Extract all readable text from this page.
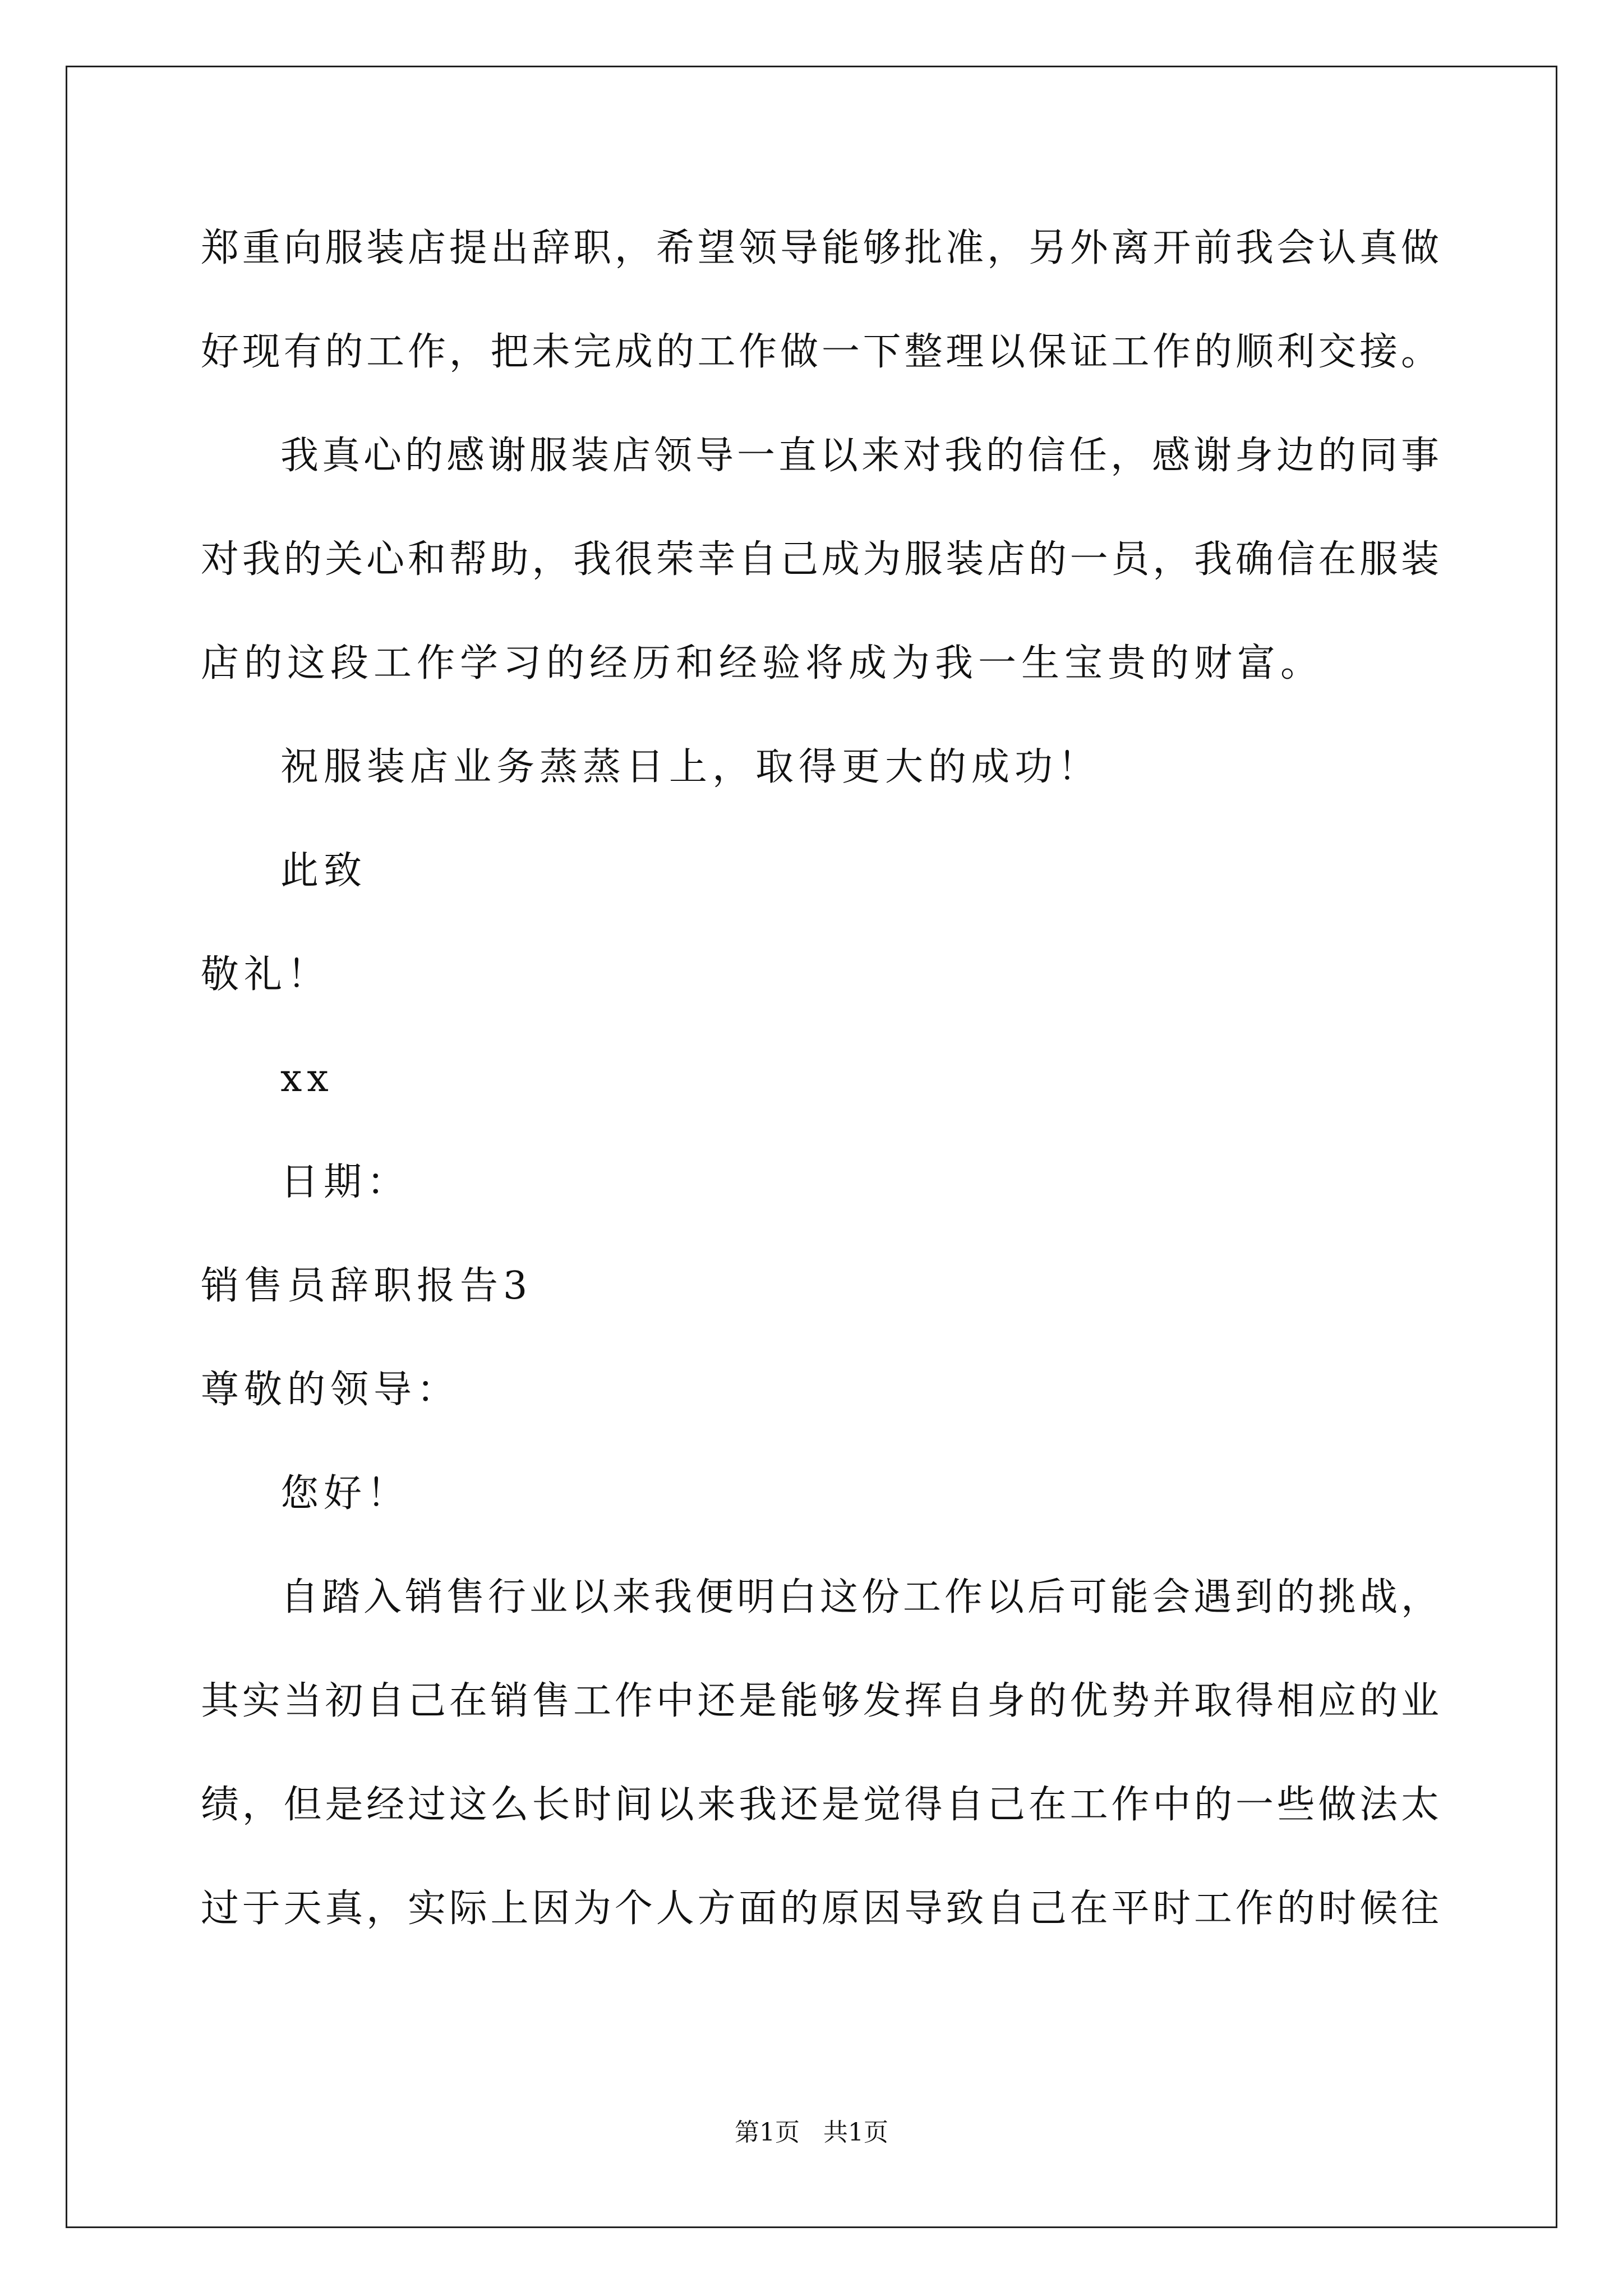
郑重向服装店提出辞职，希望领导能够批准，另外离开前我会认真做
好现有的工作，把未完成的工作做一下整理以保证工作的顺利交接。
我真心的感谢服装店领导一直以来对我的信任，感谢身边的同事
对我的关心和帮助，我很荣幸自己成为服装店的一员，我确信在服装
店的这段工作学习的经历和经验将成为我一生宝贵的财富。
祝服装店业务蒸蒸日上，取得更大的成功！
此致
敬礼！
xx
日期：
销售员辞职报告3
尊敬的领导：
您好！
自踏入销售行业以来我便明白这份工作以后可能会遇到的挑战，
其实当初自己在销售工作中还是能够发挥自身的优势并取得相应的业
绩，但是经过这么长时间以来我还是觉得自己在工作中的一些做法太
过于天真，实际上因为个人方面的原因导致自己在平时工作的时候往
第1页   共1页
